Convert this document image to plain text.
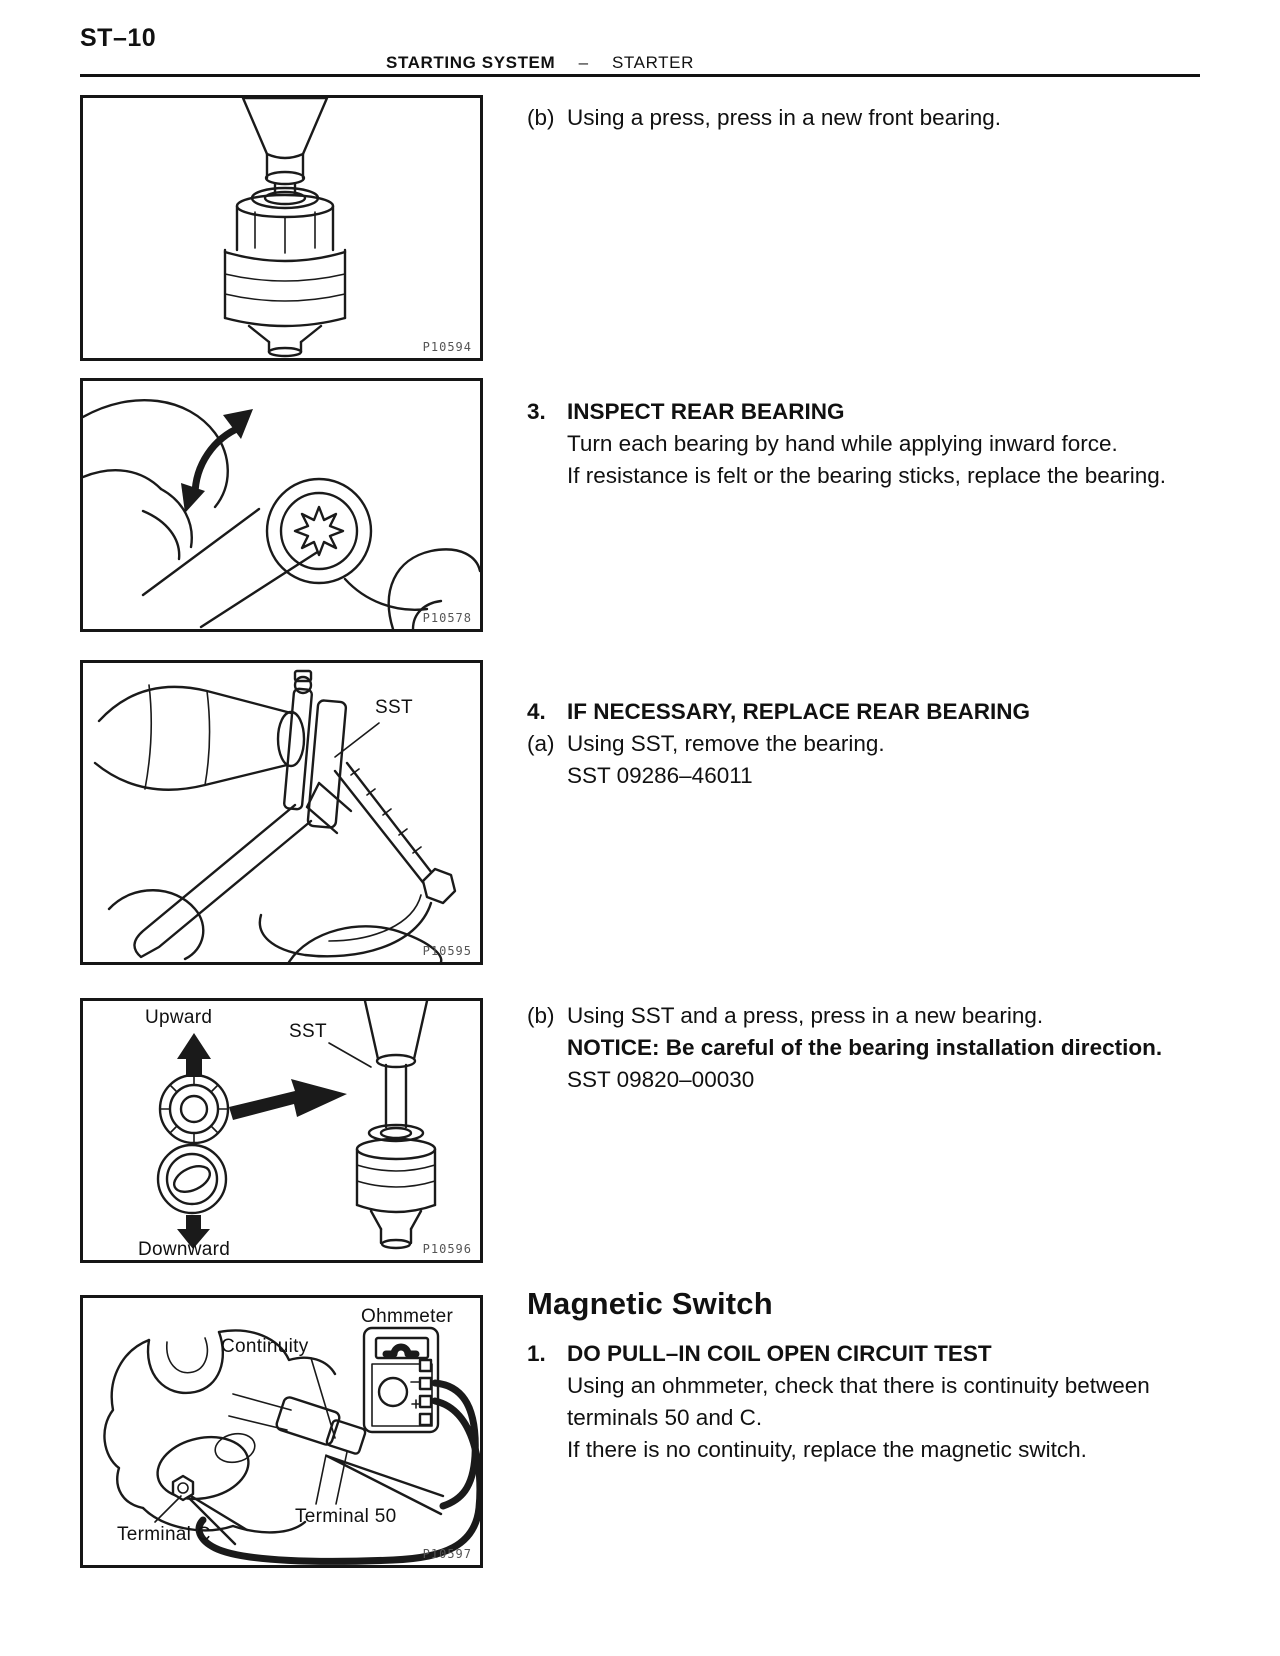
ST–10
STARTING SYSTEM – STARTER
P10594
P10578
SST
P10595
Upward
SST
Downward	P10596
Ohmmeter
Continuity
Terminal 50
Terminal C
P10597
(b) Using a press, press in a new front bearing.
3. INSPECT REAR BEARING
Turn each bearing by hand while applying inward force.
If resistance is felt or the bearing sticks, replace the bearing.
4. IF NECESSARY, REPLACE REAR BEARING
(a) Using SST, remove the bearing.
SST 09286–46011
(b) Using SST and a press, press in a new bearing.
NOTICE: Be careful of the bearing installation direction.
SST 09820–00030
Magnetic Switch
1. DO PULL–IN COIL OPEN CIRCUIT TEST
Using an ohmmeter, check that there is continuity between
terminals 50 and C.
If there is no continuity, replace the magnetic switch.
